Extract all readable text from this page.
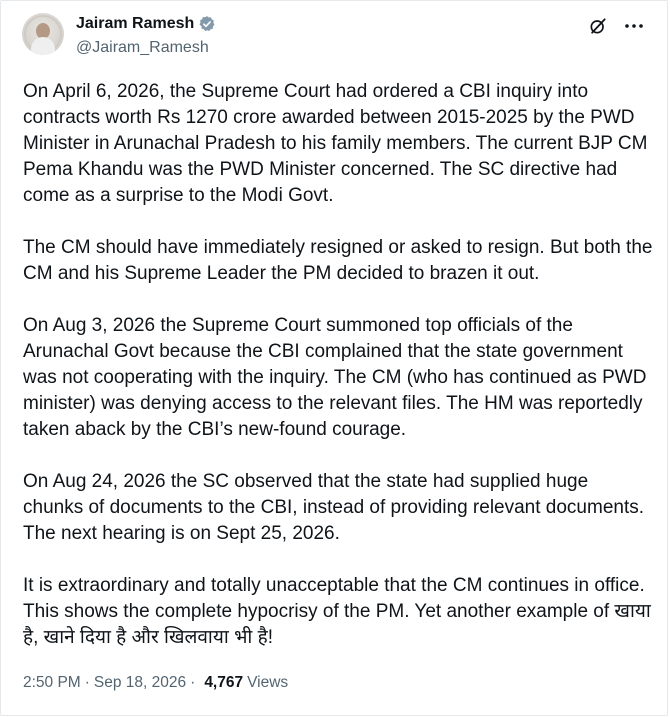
Jairam Ramesh
@Jairam_Ramesh

On April 6, 2026, the Supreme Court had ordered a CBI inquiry into contracts worth Rs 1270 crore awarded between 2015-2025 by the PWD Minister in Arunachal Pradesh to his family members. The current BJP CM Pema Khandu was the PWD Minister concerned. The SC directive had come as a surprise to the Modi Govt.

The CM should have immediately resigned or asked to resign. But both the CM and his Supreme Leader the PM decided to brazen it out.

On Aug 3, 2026 the Supreme Court summoned top officials of the Arunachal Govt because the CBI complained that the state government was not cooperating with the inquiry. The CM (who has continued as PWD minister) was denying access to the relevant files. The HM was reportedly taken aback by the CBI’s new-found courage.

On Aug 24, 2026 the SC observed that the state had supplied huge chunks of documents to the CBI, instead of providing relevant documents. The next hearing is on Sept 25, 2026.

It is extraordinary and totally unacceptable that the CM continues in office. This shows the complete hypocrisy of the PM. Yet another example of खाया है, खाने दिया है और खिलवाया भी है!

2:50 PM · Sep 18, 2026 · 4,767 Views
